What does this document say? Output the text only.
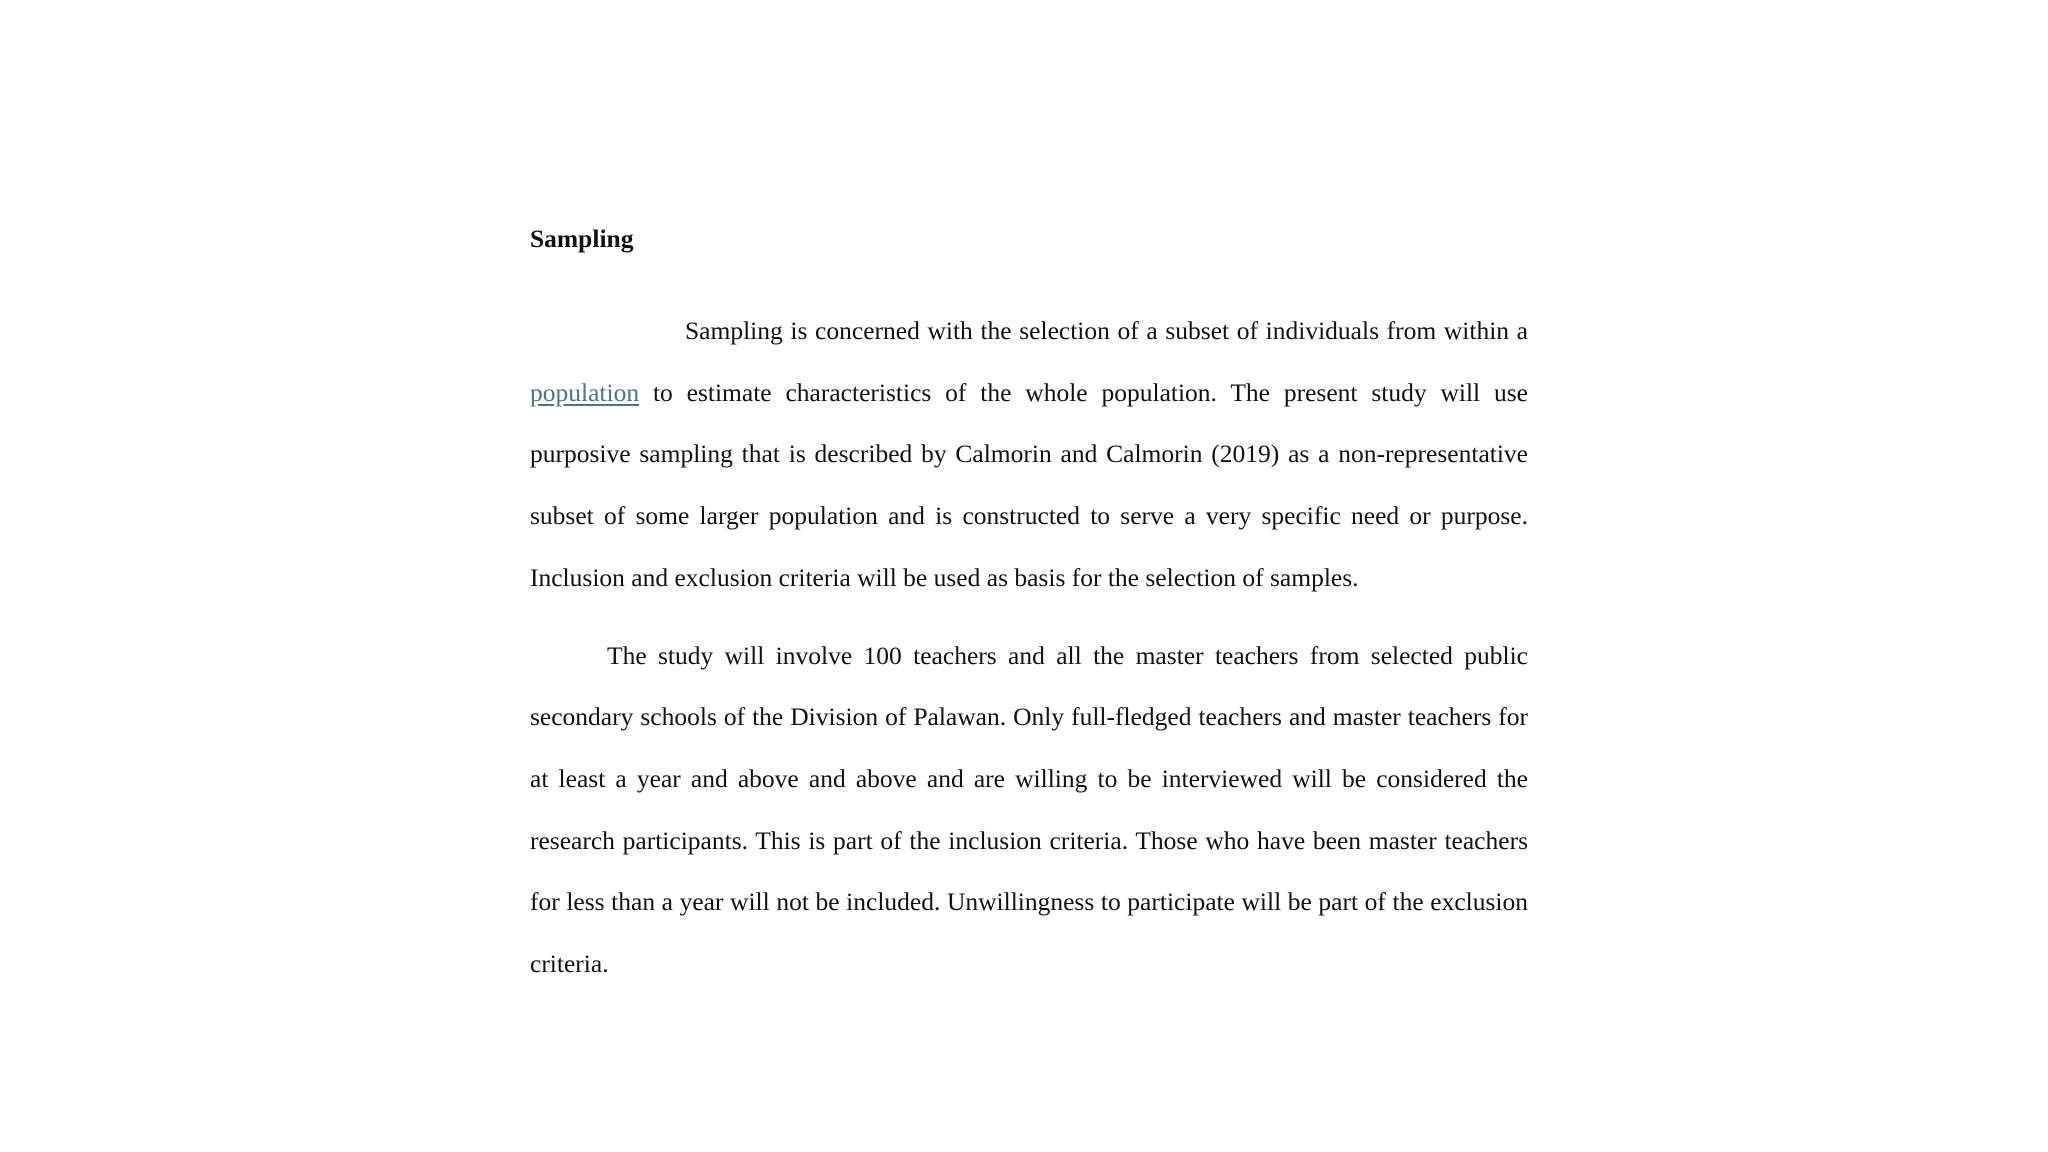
Sampling

Sampling is concerned with the selection of a subset of individuals from within a population to estimate characteristics of the whole population. The present study will use purposive sampling that is described by Calmorin and Calmorin (2019) as a non-representative subset of some larger population and is constructed to serve a very specific need or purpose. Inclusion and exclusion criteria will be used as basis for the selection of samples.

The study will involve 100 teachers and all the master teachers from selected public secondary schools of the Division of Palawan. Only full-fledged teachers and master teachers for at least a year and above and above and are willing to be interviewed will be considered the research participants. This is part of the inclusion criteria. Those who have been master teachers for less than a year will not be included. Unwillingness to participate will be part of the exclusion criteria.
